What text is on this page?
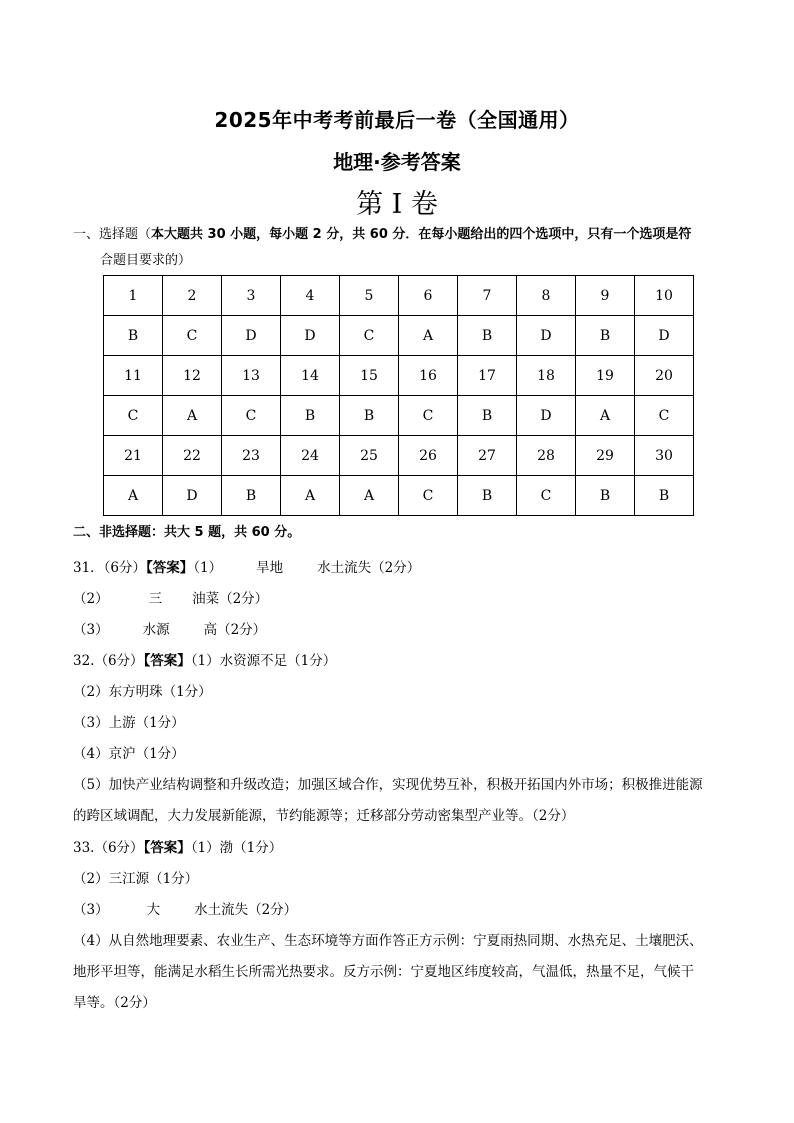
2025年中考考前最后一卷（全国通用）
地理·参考答案
第 I 卷
一、选择题（本大题共 30 小题，每小题 2 分，共 60 分．在每小题给出的四个选项中，只有一个选项是符
合题目要求的）
1	2	3	4	5	6	7	8	9	10
B	C	D	D	C	A	B	D	B	D
11	12	13	14	15	16	17	18	19	20
C	A	C	B	B	C	B	D	A	C
21	22	23	24	25	26	27	28	29	30
A	D	B	A	A	C	B	C	B	B
二、非选择题：共大 5 题，共 60 分。
31．（6分）【答案】（1）	旱地	水土流失（2分）
（2）	三 油菜（2分）
（3）	水源	高（2分）
32.（6分）【答案】（1）水资源不足（1分）
（2）东方明珠（1分）
（3）上游（1分）
（4）京沪（1分）
（5）加快产业结构调整和升级改造；加强区域合作，实现优势互补，积极开拓国内外市场；积极推进能源
的跨区域调配，大力发展新能源，节约能源等；迁移部分劳动密集型产业等。（2分）
33.（6分）【答案】（1）渤（1分）
（2）三江源（1分）
（3）	大	水土流失（2分）
（4）从自然地理要素、农业生产、生态环境等方面作答正方示例：宁夏雨热同期、水热充足、土壤肥沃、
地形平坦等，能满足水稻生长所需光热要求。反方示例：宁夏地区纬度较高，气温低，热量不足，气候干
旱等。（2分）
